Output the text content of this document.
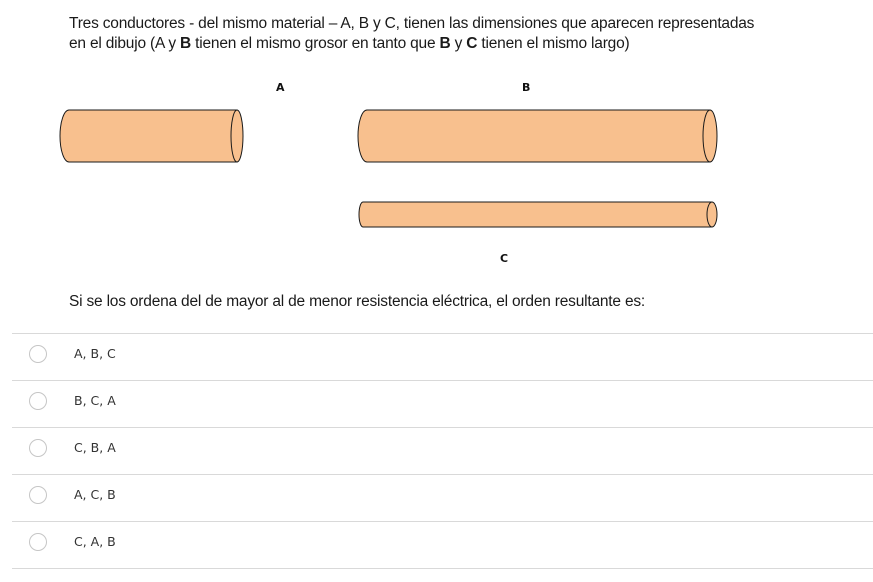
Tres conductores - del mismo material – A, B y C, tienen las dimensiones que aparecen representadas
en el dibujo (A y B tienen el mismo grosor en tanto que B y C tienen el mismo largo)
A	B
C
Si se los ordena del de mayor al de menor resistencia eléctrica, el orden resultante es:
A, B, C
B, C, A
C, B, A
A, C, B
C, A, B
